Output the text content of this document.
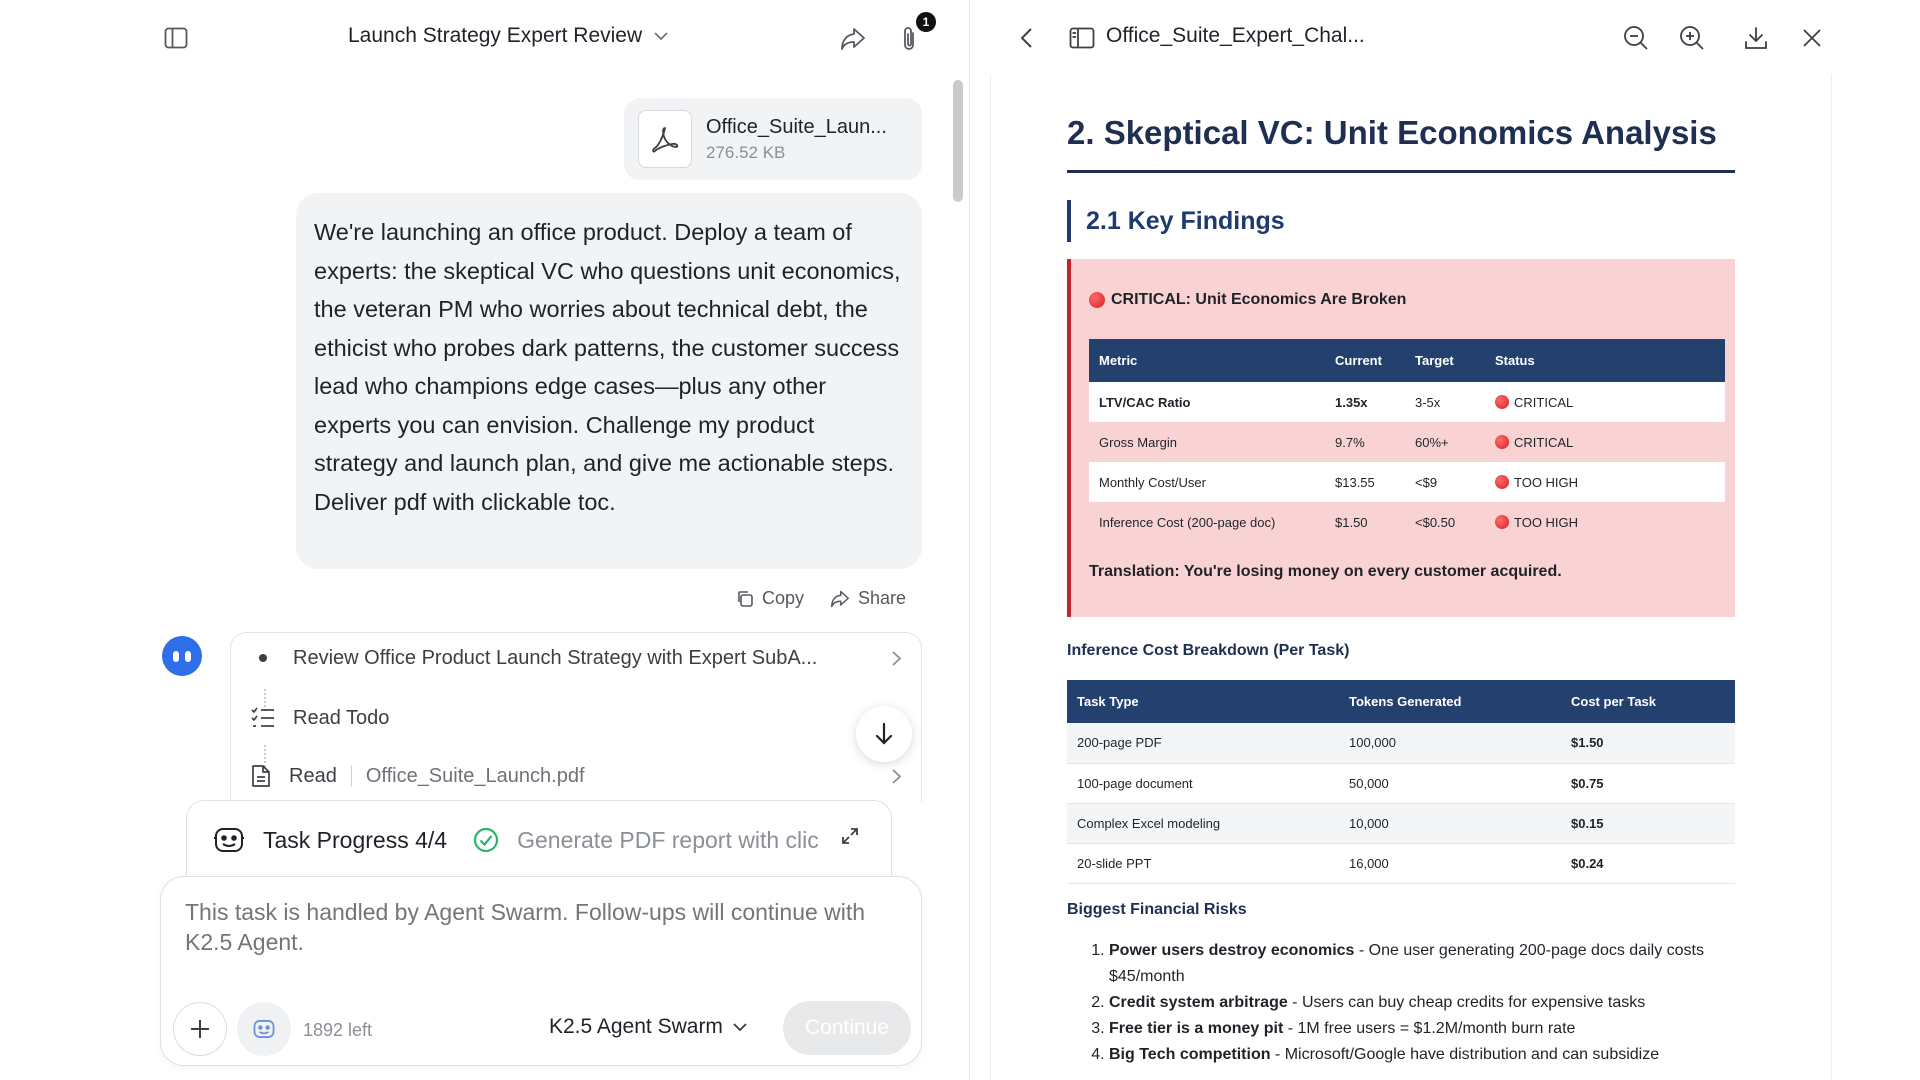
Launch Strategy Expert Review
1
Office_Suite_Laun...
276.52 KB
We're launching an office product. Deploy a team of experts: the skeptical VC who questions unit economics, the veteran PM who worries about technical debt, the ethicist who probes dark patterns, the customer success lead who champions edge cases—plus any other experts you can envision. Challenge my product strategy and launch plan, and give me actionable steps. Deliver pdf with clickable toc.
Copy	Share
Review Office Product Launch Strategy with Expert SubA...
Read Todo
Read Office_Suite_Launch.pdf
Task Progress 4/4	Generate PDF report with clic
This task is handled by Agent Swarm. Follow-ups will continue with K2.5 Agent.
1892 left	K2.5 Agent Swarm	Continue
Office_Suite_Expert_Chal...
2. Skeptical VC: Unit Economics Analysis
2.1 Key Findings
CRITICAL: Unit Economics Are Broken
Metric	Current	Target	Status
LTV/CAC Ratio	1.35x	3-5x	CRITICAL
Gross Margin	9.7%	60%+	CRITICAL
Monthly Cost/User	$13.55	<$9	TOO HIGH
Inference Cost (200-page doc)	$1.50	<$0.50	TOO HIGH
Translation: You're losing money on every customer acquired.
Inference Cost Breakdown (Per Task)
Task Type	Tokens Generated	Cost per Task
200-page PDF	100,000	$1.50
100-page document	50,000	$0.75
Complex Excel modeling	10,000	$0.15
20-slide PPT	16,000	$0.24
Biggest Financial Risks
1. Power users destroy economics - One user generating 200-page docs daily costs $45/month
2. Credit system arbitrage - Users can buy cheap credits for expensive tasks
3. Free tier is a money pit - 1M free users = $1.2M/month burn rate
4. Big Tech competition - Microsoft/Google have distribution and can subsidize
